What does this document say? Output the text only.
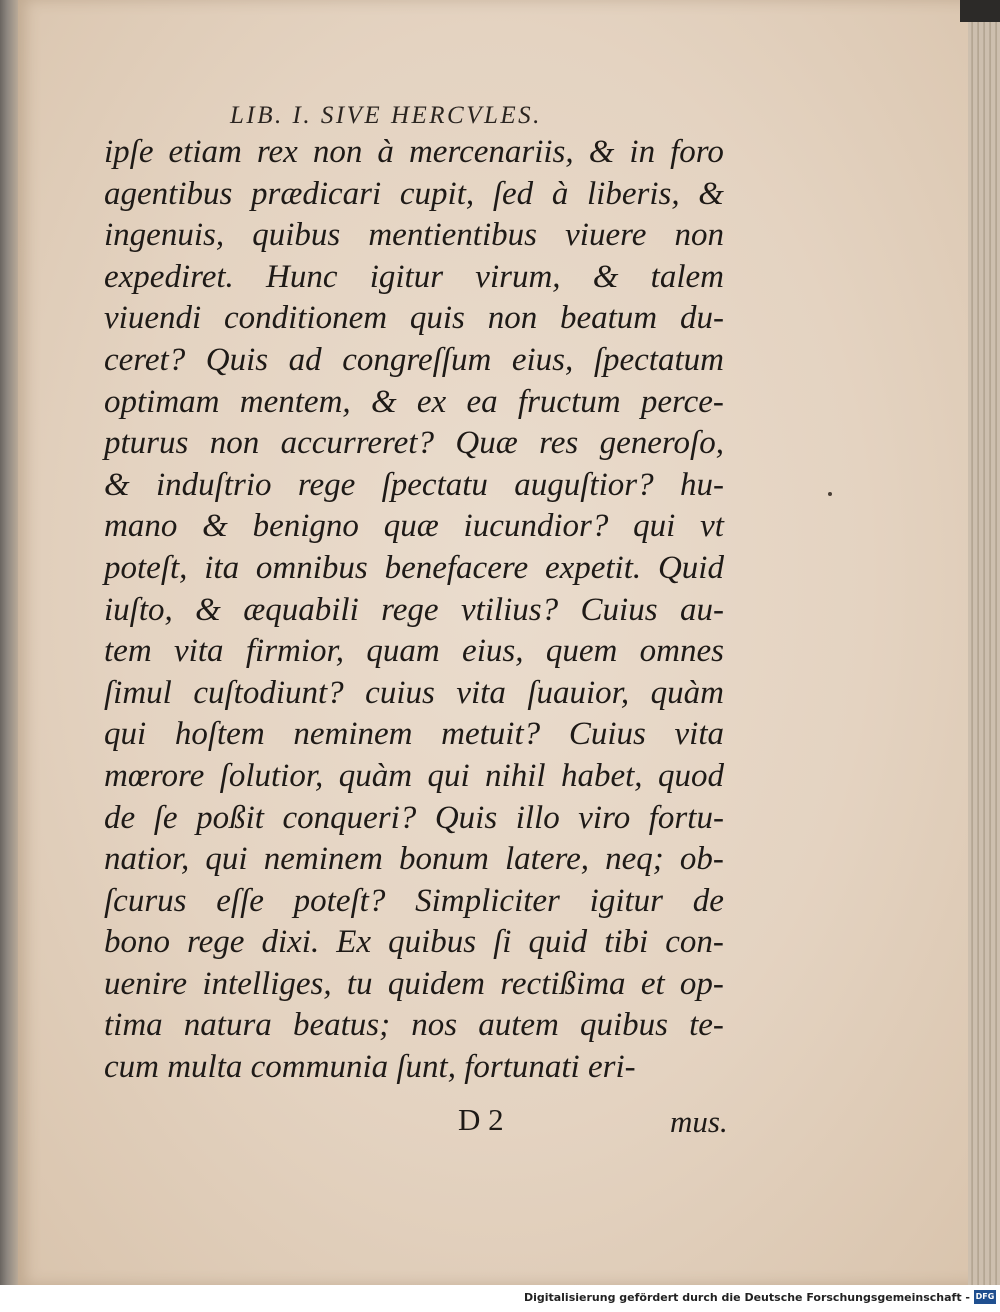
LIB. I. SIVE HERCVLES.
ipſe etiam rex non à mercenariis, & in foro
agentibus prædicari cupit, ſed à liberis, &
ingenuis, quibus mentientibus viuere non
expediret. Hunc igitur virum, & talem
viuendi conditionem quis non beatum du-
ceret? Quis ad congreſſum eius, ſpectatum
optimam mentem, & ex ea fructum perce-
pturus non accurreret? Quæ res generoſo,
& induſtrio rege ſpectatu auguſtior? hu-
mano & benigno quæ iucundior? qui vt
poteſt, ita omnibus benefacere expetit. Quid
iuſto, & æquabili rege vtilius? Cuius au-
tem vita firmior, quam eius, quem omnes
ſimul cuſtodiunt? cuius vita ſuauior, quàm
qui hoſtem neminem metuit? Cuius vita
mœrore ſolutior, quàm qui nihil habet, quod
de ſe poßit conqueri? Quis illo viro fortu-
natior, qui neminem bonum latere, neq; ob-
ſcurus eſſe poteſt? Simpliciter igitur de
bono rege dixi. Ex quibus ſi quid tibi con-
uenire intelliges, tu quidem rectißima et op-
tima natura beatus; nos autem quibus te-
cum multa communia ſunt, fortunati eri-
D 2	mus.
Digitalisierung gefördert durch die Deutsche Forschungsgemeinschaft - DFG
